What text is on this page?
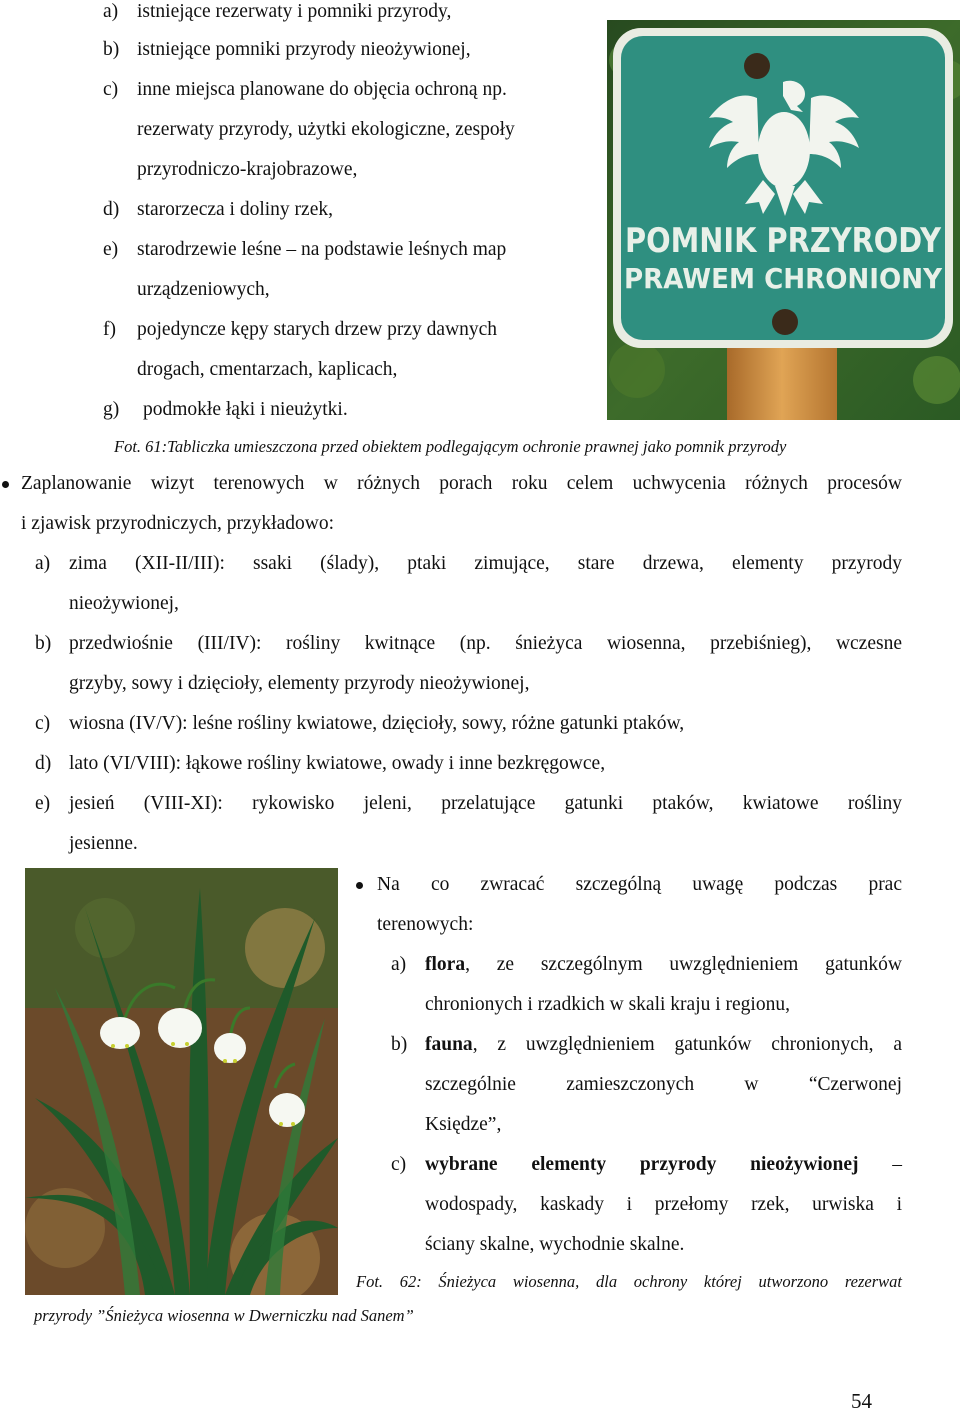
a) istniejące rezerwaty i pomniki przyrody,
b) istniejące pomniki przyrody nieożywionej,
c) inne miejsca planowane do objęcia ochroną np.
rezerwaty przyrody, użytki ekologiczne, zespoły
przyrodniczo-krajobrazowe,
d) starorzecza i doliny rzek,
e) starodrzewie leśne – na podstawie leśnych map
urządzeniowych,
f) pojedyncze kępy starych drzew przy dawnych
drogach, cmentarzach, kaplicach,
g) podmokłe łąki i nieużytki.
POMNIK PRZYRODY
PRAWEM CHRONIONY
Fot. 61:Tabliczka umieszczona przed obiektem podlegającym ochronie prawnej jako pomnik przyrody
Zaplanowanie wizyt terenowych w różnych porach roku celem uchwycenia różnych procesów
i zjawisk przyrodniczych, przykładowo:
a) zima (XII-II/III): ssaki (ślady), ptaki zimujące, stare drzewa, elementy przyrody
nieożywionej,
b) przedwiośnie (III/IV): rośliny kwitnące (np. śnieżyca wiosenna, przebiśnieg), wczesne
grzyby, sowy i dzięcioły, elementy przyrody nieożywionej,
c) wiosna (IV/V): leśne rośliny kwiatowe, dzięcioły, sowy, różne gatunki ptaków,
d) lato (VI/VIII): łąkowe rośliny kwiatowe, owady i inne bezkręgowce,
e) jesień (VIII-XI): rykowisko jeleni, przelatujące gatunki ptaków, kwiatowe rośliny
jesienne.
Na co zwracać szczególną uwagę podczas prac
terenowych:
a) flora, ze szczególnym uwzględnieniem gatunków
chronionych i rzadkich w skali kraju i regionu,
b) fauna, z uwzględnieniem gatunków chronionych, a
szczególnie zamieszczonych w “Czerwonej
Księdze”,
c) wybrane elementy przyrody nieożywionej –
wodospady, kaskady i przełomy rzek, urwiska i
ściany skalne, wychodnie skalne.
Fot. 62: Śnieżyca wiosenna, dla ochrony której utworzono rezerwat
przyrody ”Śnieżyca wiosenna w Dwerniczku nad Sanem”
54
